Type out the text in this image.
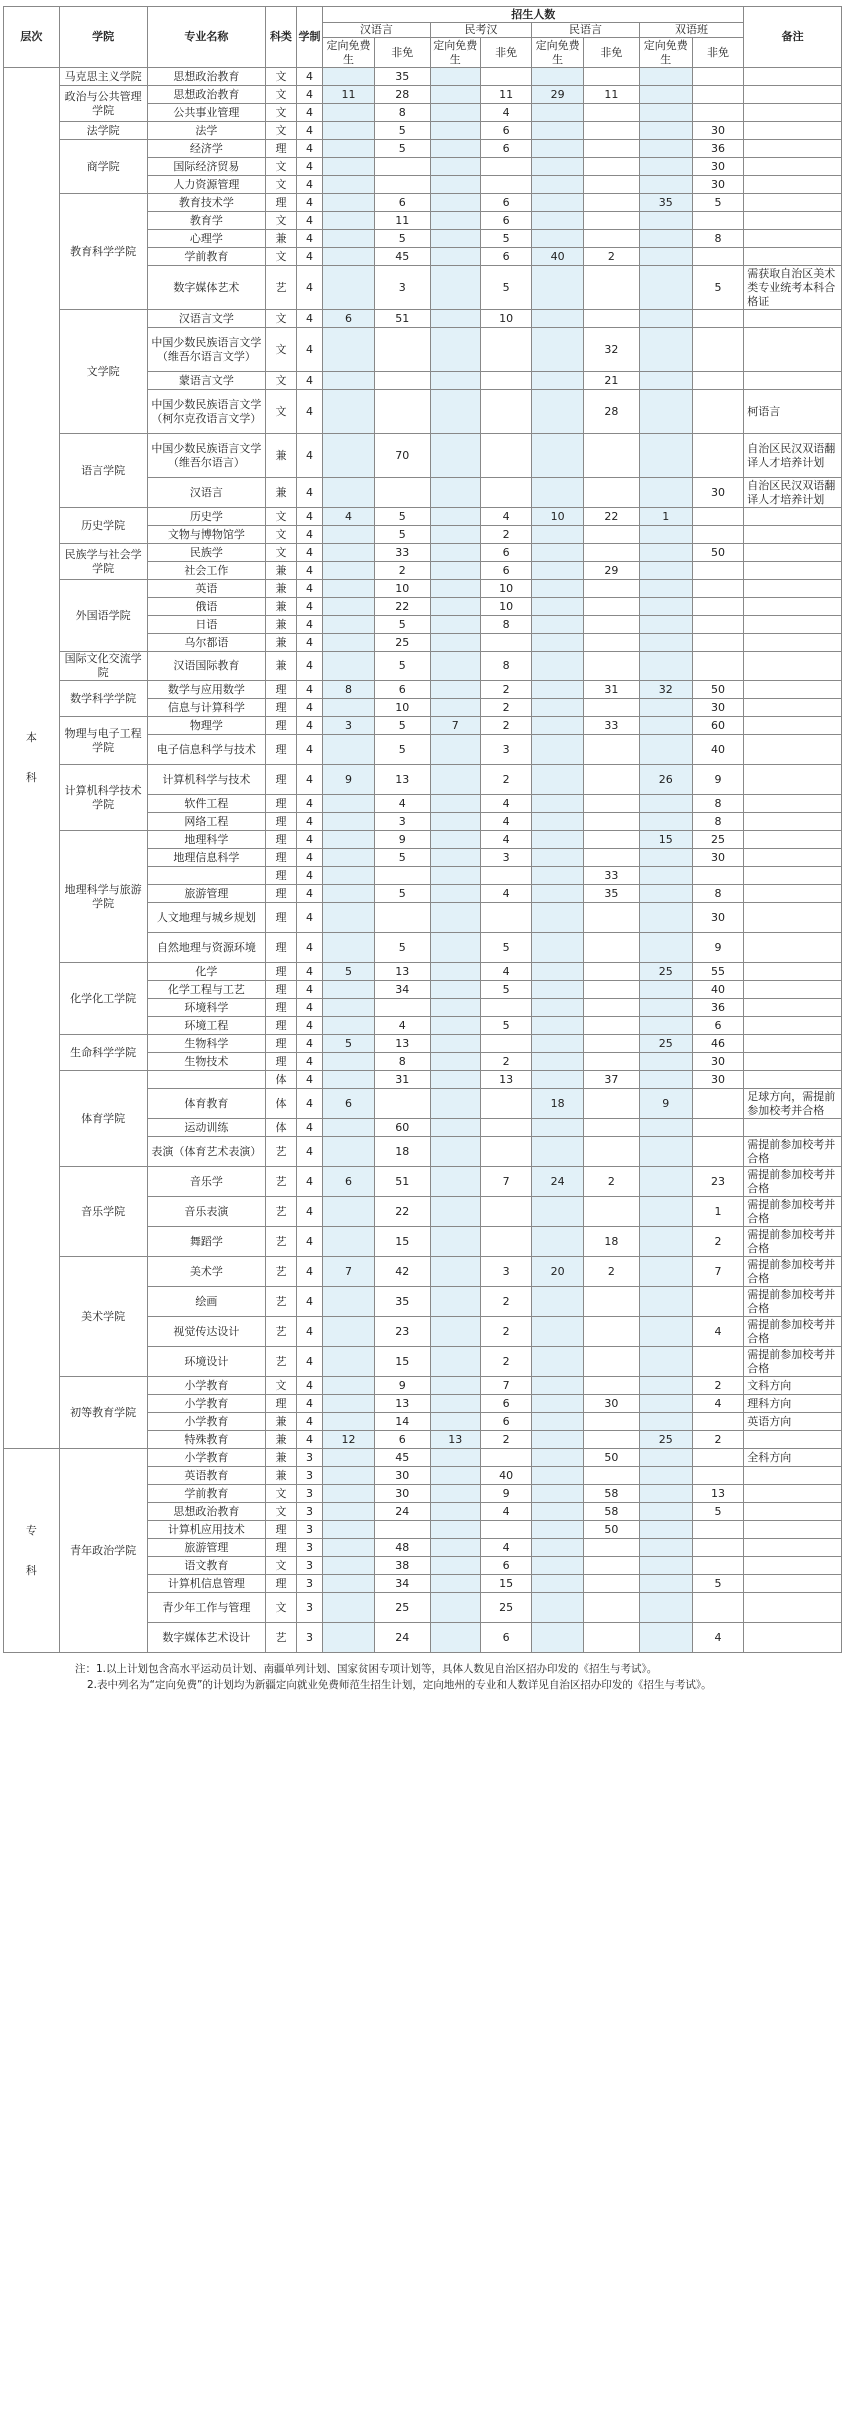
层次	学院	专业名称	科类	学制	招生人数								备注
					汉语言		民考汉		民语言		双语班		
					定向免费生	非免	定向免费生	非免	定向免费生	非免	定向免费生	非免	
本

科	马克思主义学院	思想政治教育	文	4		35							
	政治与公共管理学院	思想政治教育	文	4	11	28		11	29	11			
		公共事业管理	文	4		8		4					
	法学院	法学	文	4		5		6				30	
	商学院	经济学	理	4		5		6				36	
		国际经济贸易	文	4								30	
		人力资源管理	文	4								30	
	教育科学学院	教育技术学	理	4		6		6			35	5	
		教育学	文	4		11		6					
		心理学	兼	4		5		5				8	
		学前教育	文	4		45		6	40	2			
		数字媒体艺术	艺	4		3		5				5	需获取自治区美术类专业统考本科合格证
	文学院	汉语言文学	文	4	6	51		10					
		中国少数民族语言文学（维吾尔语言文学）	文	4						32			
		蒙语言文学	文	4						21			
		中国少数民族语言文学（柯尔克孜语言文学）	文	4						28			柯语言
	语言学院	中国少数民族语言文学（维吾尔语言）	兼	4		70							自治区民汉双语翻译人才培养计划
		汉语言	兼	4								30	自治区民汉双语翻译人才培养计划
	历史学院	历史学	文	4	4	5		4	10	22	1		
		文物与博物馆学	文	4		5		2					
	民族学与社会学学院	民族学	文	4		33		6				50	
		社会工作	兼	4		2		6		29			
	外国语学院	英语	兼	4		10		10					
		俄语	兼	4		22		10					
		日语	兼	4		5		8					
		乌尔都语	兼	4		25							
	国际文化交流学院	汉语国际教育	兼	4		5		8					
	数学科学学院	数学与应用数学	理	4	8	6		2		31	32	50	
		信息与计算科学	理	4		10		2				30	
	物理与电子工程学院	物理学	理	4	3	5	7	2		33		60	
		电子信息科学与技术	理	4		5		3				40	
	计算机科学技术学院	计算机科学与技术	理	4	9	13		2			26	9	
		软件工程	理	4		4		4				8	
		网络工程	理	4		3		4				8	
	地理科学与旅游学院	地理科学	理	4		9		4			15	25	
		地理信息科学	理	4		5		3				30	
			理	4						33			
		旅游管理	理	4		5		4		35		8	
		人文地理与城乡规划	理	4								30	
		自然地理与资源环境	理	4		5		5				9	
	化学化工学院	化学	理	4	5	13		4			25	55	
		化学工程与工艺	理	4		34		5				40	
		环境科学	理	4								36	
		环境工程	理	4		4		5				6	
	生命科学学院	生物科学	理	4	5	13					25	46	
		生物技术	理	4		8		2				30	
	体育学院		体	4		31		13		37		30	
		体育教育	体	4	6				18		9		足球方向，需提前参加校考并合格
		运动训练	体	4		60							
		表演（体育艺术表演）	艺	4		18							需提前参加校考并合格
	音乐学院	音乐学	艺	4	6	51		7	24	2		23	需提前参加校考并合格
		音乐表演	艺	4		22						1	需提前参加校考并合格
		舞蹈学	艺	4		15				18		2	需提前参加校考并合格
	美术学院	美术学	艺	4	7	42		3	20	2		7	需提前参加校考并合格
		绘画	艺	4		35		2					需提前参加校考并合格
		视觉传达设计	艺	4		23		2				4	需提前参加校考并合格
		环境设计	艺	4		15		2					需提前参加校考并合格
	初等教育学院	小学教育	文	4		9		7				2	文科方向
		小学教育	理	4		13		6		30		4	理科方向
		小学教育	兼	4		14		6					英语方向
		特殊教育	兼	4	12	6	13	2			25	2	
专

科	青年政治学院	小学教育	兼	3		45				50			全科方向
		英语教育	兼	3		30		40					
		学前教育	文	3		30		9		58		13	
		思想政治教育	文	3		24		4		58		5	
		计算机应用技术	理	3						50			
		旅游管理	理	3		48		4					
		语文教育	文	3		38		6					
		计算机信息管理	理	3		34		15				5	
		青少年工作与管理	文	3		25		25					
		数字媒体艺术设计	艺	3		24		6				4	
注：1.以上计划包含高水平运动员计划、南疆单列计划、国家贫困专项计划等，具体人数见自治区招办印发的《招生与考试》。
2.表中列名为“定向免费”的计划均为新疆定向就业免费师范生招生计划，定向地州的专业和人数详见自治区招办印发的《招生与考试》。
